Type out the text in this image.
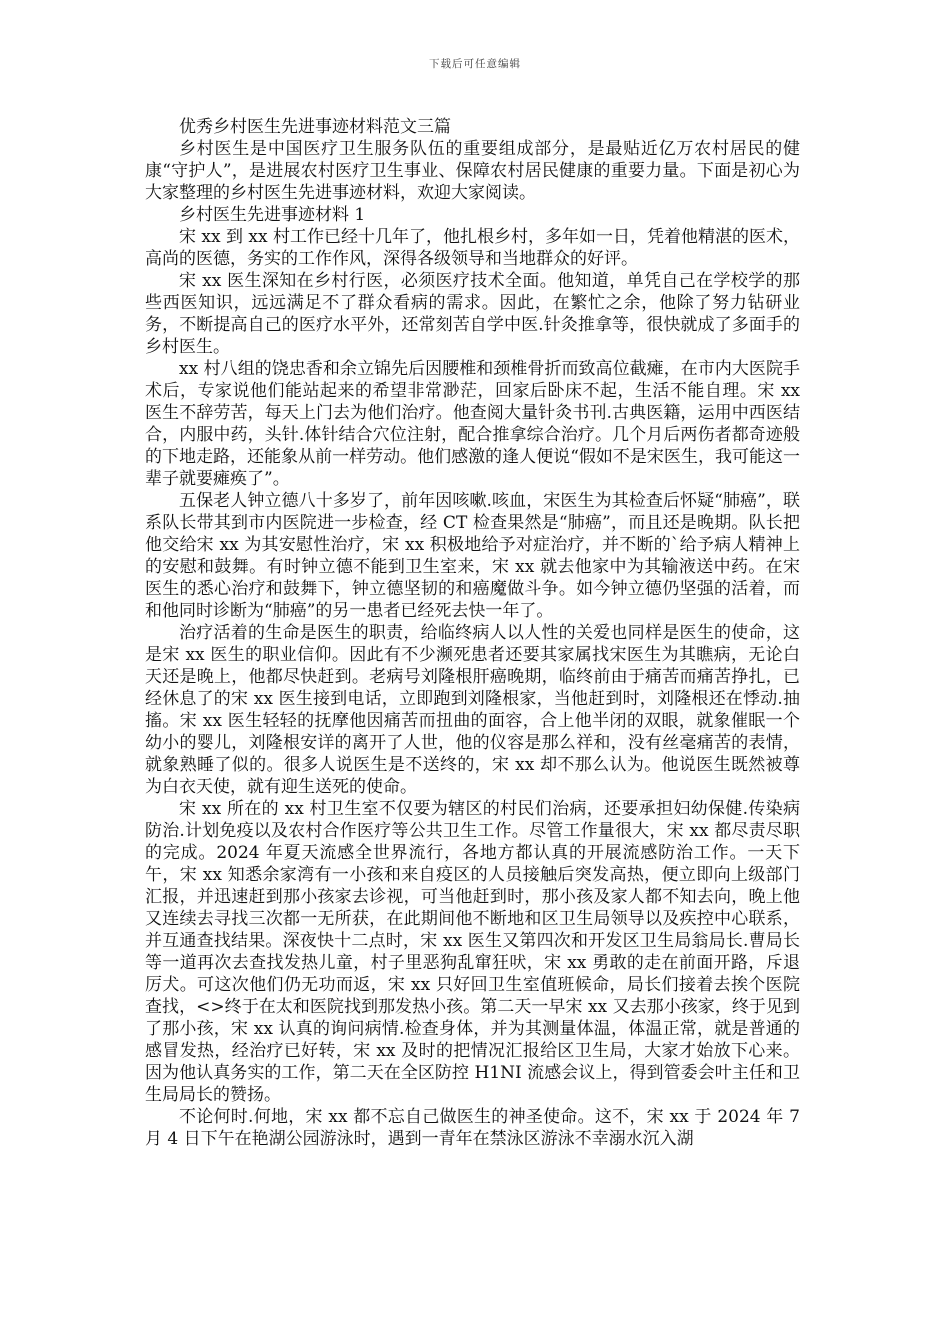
下载后可任意编辑

优秀乡村医生先进事迹材料范文三篇

乡村医生是中国医疗卫生服务队伍的重要组成部分，是最贴近亿万农村居民的健康“守护人”，是进展农村医疗卫生事业、保障农村居民健康的重要力量。下面是初心为大家整理的乡村医生先进事迹材料，欢迎大家阅读。

乡村医生先进事迹材料 1

宋 xx 到 xx 村工作已经十几年了，他扎根乡村，多年如一日，凭着他精湛的医术，高尚的医德，务实的工作作风，深得各级领导和当地群众的好评。

宋 xx 医生深知在乡村行医，必须医疗技术全面。他知道，单凭自己在学校学的那些西医知识，远远满足不了群众看病的需求。因此，在繁忙之余，他除了努力钻研业务，不断提高自己的医疗水平外，还常刻苦自学中医.针灸推拿等，很快就成了多面手的乡村医生。

xx 村八组的饶忠香和余立锦先后因腰椎和颈椎骨折而致高位截瘫，在市内大医院手术后，专家说他们能站起来的希望非常渺茫，回家后卧床不起，生活不能自理。宋 xx 医生不辞劳苦，每天上门去为他们治疗。他查阅大量针灸书刊.古典医籍，运用中西医结合，内服中药，头针.体针结合穴位注射，配合推拿综合治疗。几个月后两伤者都奇迹般的下地走路，还能象从前一样劳动。他们感激的逢人便说“假如不是宋医生，我可能这一辈子就要瘫痪了”。

五保老人钟立德八十多岁了，前年因咳嗽.咳血，宋医生为其检查后怀疑“肺癌”，联系队长带其到市内医院进一步检查，经 CT 检查果然是“肺癌”，而且还是晚期。队长把他交给宋 xx 为其安慰性治疗，宋 xx 积极地给予对症治疗，并不断的`给予病人精神上的安慰和鼓舞。有时钟立德不能到卫生室来，宋 xx 就去他家中为其输液送中药。在宋医生的悉心治疗和鼓舞下，钟立德坚韧的和癌魔做斗争。如今钟立德仍坚强的活着，而和他同时诊断为“肺癌”的另一患者已经死去快一年了。

治疗活着的生命是医生的职责，给临终病人以人性的关爱也同样是医生的使命，这是宋 xx 医生的职业信仰。因此有不少濒死患者还要其家属找宋医生为其瞧病，无论白天还是晚上，他都尽快赶到。老病号刘隆根肝癌晚期，临终前由于痛苦而痛苦挣扎，已经休息了的宋 xx 医生接到电话，立即跑到刘隆根家，当他赶到时，刘隆根还在悸动.抽搐。宋 xx 医生轻轻的抚摩他因痛苦而扭曲的面容，合上他半闭的双眼，就象催眠一个幼小的婴儿，刘隆根安详的离开了人世，他的仪容是那么祥和，没有丝毫痛苦的表情，就象熟睡了似的。很多人说医生是不送终的，宋 xx 却不那么认为。他说医生既然被尊为白衣天使，就有迎生送死的使命。

宋 xx 所在的 xx 村卫生室不仅要为辖区的村民们治病，还要承担妇幼保健.传染病防治.计划免疫以及农村合作医疗等公共卫生工作。尽管工作量很大，宋 xx 都尽责尽职的完成。2024 年夏天流感全世界流行，各地方都认真的开展流感防治工作。一天下午，宋 xx 知悉余家湾有一小孩和来自疫区的人员接触后突发高热，便立即向上级部门汇报，并迅速赶到那小孩家去诊视，可当他赶到时，那小孩及家人都不知去向，晚上他又连续去寻找三次都一无所获，在此期间他不断地和区卫生局领导以及疾控中心联系，并互通查找结果。深夜快十二点时，宋 xx 医生又第四次和开发区卫生局翁局长.曹局长等一道再次去查找发热儿童，村子里恶狗乱窜狂吠，宋 xx 勇敢的走在前面开路，斥退厉犬。可这次他们仍无功而返，宋 xx 只好回卫生室值班候命，局长们接着去挨个医院查找，<>终于在太和医院找到那发热小孩。第二天一早宋 xx 又去那小孩家，终于见到了那小孩，宋 xx 认真的询问病情.检查身体，并为其测量体温，体温正常，就是普通的感冒发热，经治疗已好转，宋 xx 及时的把情况汇报给区卫生局，大家才始放下心来。因为他认真务实的工作，第二天在全区防控 H1NI 流感会议上，得到管委会叶主任和卫生局局长的赞扬。

不论何时.何地，宋 xx 都不忘自己做医生的神圣使命。这不，宋 xx 于 2024 年 7 月 4 日下午在艳湖公园游泳时，遇到一青年在禁泳区游泳不幸溺水沉入湖
